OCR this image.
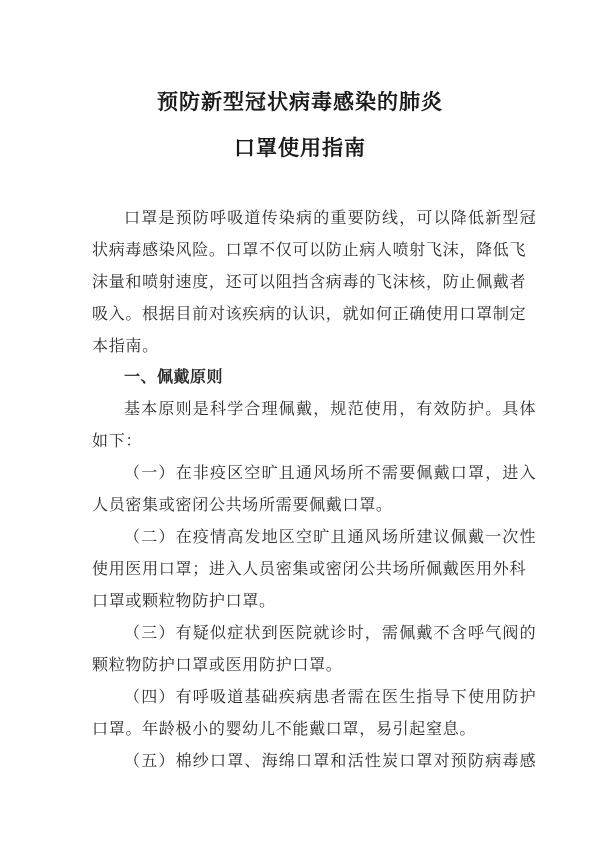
预防新型冠状病毒感染的肺炎
口罩使用指南
口罩是预防呼吸道传染病的重要防线，可以降低新型冠
状病毒感染风险。口罩不仅可以防止病人喷射飞沫，降低飞
沫量和喷射速度，还可以阻挡含病毒的飞沫核，防止佩戴者
吸入。根据目前对该疾病的认识，就如何正确使用口罩制定
本指南。
一、佩戴原则
基本原则是科学合理佩戴，规范使用，有效防护。具体
如下：
（一）在非疫区空旷且通风场所不需要佩戴口罩，进入
人员密集或密闭公共场所需要佩戴口罩。
（二）在疫情高发地区空旷且通风场所建议佩戴一次性
使用医用口罩；进入人员密集或密闭公共场所佩戴医用外科
口罩或颗粒物防护口罩。
（三）有疑似症状到医院就诊时，需佩戴不含呼气阀的
颗粒物防护口罩或医用防护口罩。
（四）有呼吸道基础疾病患者需在医生指导下使用防护
口罩。年龄极小的婴幼儿不能戴口罩，易引起窒息。
（五）棉纱口罩、海绵口罩和活性炭口罩对预防病毒感
